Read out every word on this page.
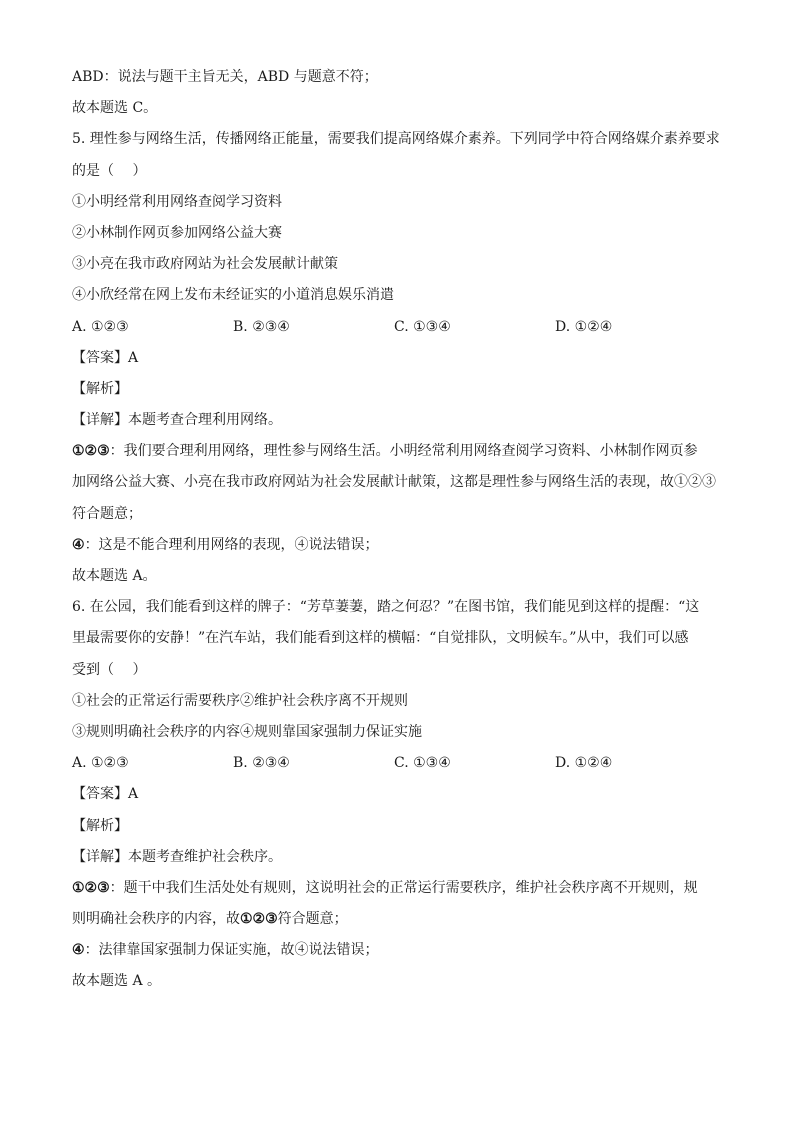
ABD：说法与题干主旨无关，ABD 与题意不符；
故本题选 C。
5. 理性参与网络生活，传播网络正能量，需要我们提高网络媒介素养。下列同学中符合网络媒介素养要求
的是（　 ）
①小明经常利用网络查阅学习资料
②小林制作网页参加网络公益大赛
③小亮在我市政府网站为社会发展献计献策
④小欣经常在网上发布未经证实的小道消息娱乐消遣
A. ①②③	B. ②③④	C. ①③④	D. ①②④
【答案】A
【解析】
【详解】本题考查合理利用网络。
①②③：我们要合理利用网络，理性参与网络生活。小明经常利用网络查阅学习资料、小林制作网页参
加网络公益大赛、小亮在我市政府网站为社会发展献计献策，这都是理性参与网络生活的表现，故①②③
符合题意；
④：这是不能合理利用网络的表现，④说法错误；
故本题选 A。
6. 在公园，我们能看到这样的牌子：“芳草萋萋，踏之何忍？”在图书馆，我们能见到这样的提醒：“这
里最需要你的安静！”在汽车站，我们能看到这样的横幅：“自觉排队，文明候车。”从中，我们可以感
受到（　 ）
①社会的正常运行需要秩序②维护社会秩序离不开规则
③规则明确社会秩序的内容④规则靠国家强制力保证实施
A. ①②③	B. ②③④	C. ①③④	D. ①②④
【答案】A
【解析】
【详解】本题考查维护社会秩序。
①②③：题干中我们生活处处有规则，这说明社会的正常运行需要秩序，维护社会秩序离不开规则，规
则明确社会秩序的内容，故①②③符合题意；
④：法律靠国家强制力保证实施，故④说法错误；
故本题选 A 。
